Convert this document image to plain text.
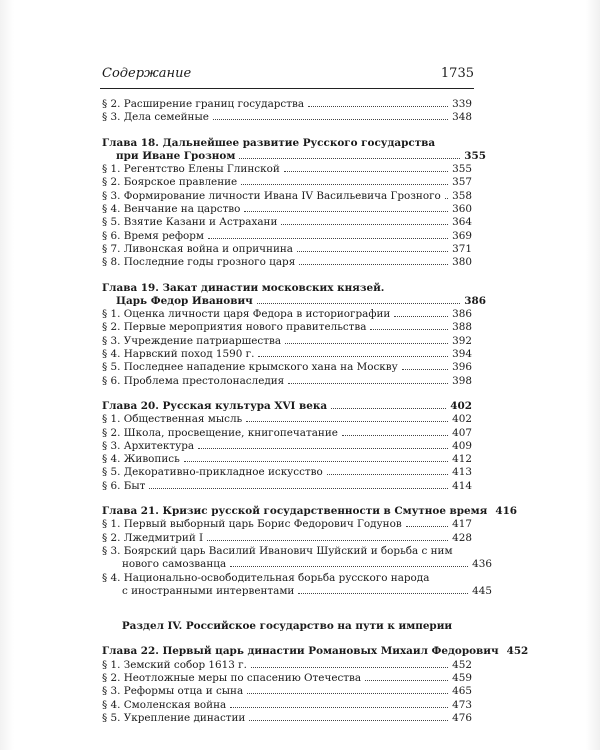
Содержание	1735
§ 2. Расширение границ государства	339
§ 3. Дела семейные	348
Глава 18. Дальнейшее развитие Русского государства
при Иване Грозном	355
§ 1. Регентство Елены Глинской	355
§ 2. Боярское правление	357
§ 3. Формирование личности Ивана IV Васильевича Грозного 358
§ 4. Венчание на царство	360
§ 5. Взятие Казани и Астрахани	364
§ 6. Время реформ	369
§ 7. Ливонская война и опричнина	371
§ 8. Последние годы грозного царя	380
Глава 19. Закат династии московских князей.
Царь Федор Иванович	386
§ 1. Оценка личности царя Федора в историографии	386
§ 2. Первые мероприятия нового правительства	388
§ 3. Учреждение патриаршества	392
§ 4. Нарвский поход 1590 г.	394
§ 5. Последнее нападение крымского хана на Москву	396
§ 6. Проблема престолонаследия	398
Глава 20. Русская культура XVI века	402
§ 1. Общественная мысль	402
§ 2. Школа, просвещение, книгопечатание	407
§ 3. Архитектура	409
§ 4. Живопись	412
§ 5. Декоративно-прикладное искусство	413
§ 6. Быт	414
Глава 21. Кризис русской государственности в Смутное время 416
§ 1. Первый выборный царь Борис Федорович Годунов	417
§ 2. Лжедмитрий I	428
§ 3. Боярский царь Василий Иванович Шуйский и борьба с ним
нового самозванца	436
§ 4. Национально-освободительная борьба русского народа
с иностранными интервентами	445
Раздел IV. Российское государство на пути к империи
Глава 22. Первый царь династии Романовых Михаил Федорович 452
§ 1. Земский собор 1613 г.	452
§ 2. Неотложные меры по спасению Отечества	459
§ 3. Реформы отца и сына	465
§ 4. Смоленская война	473
§ 5. Укрепление династии	476
